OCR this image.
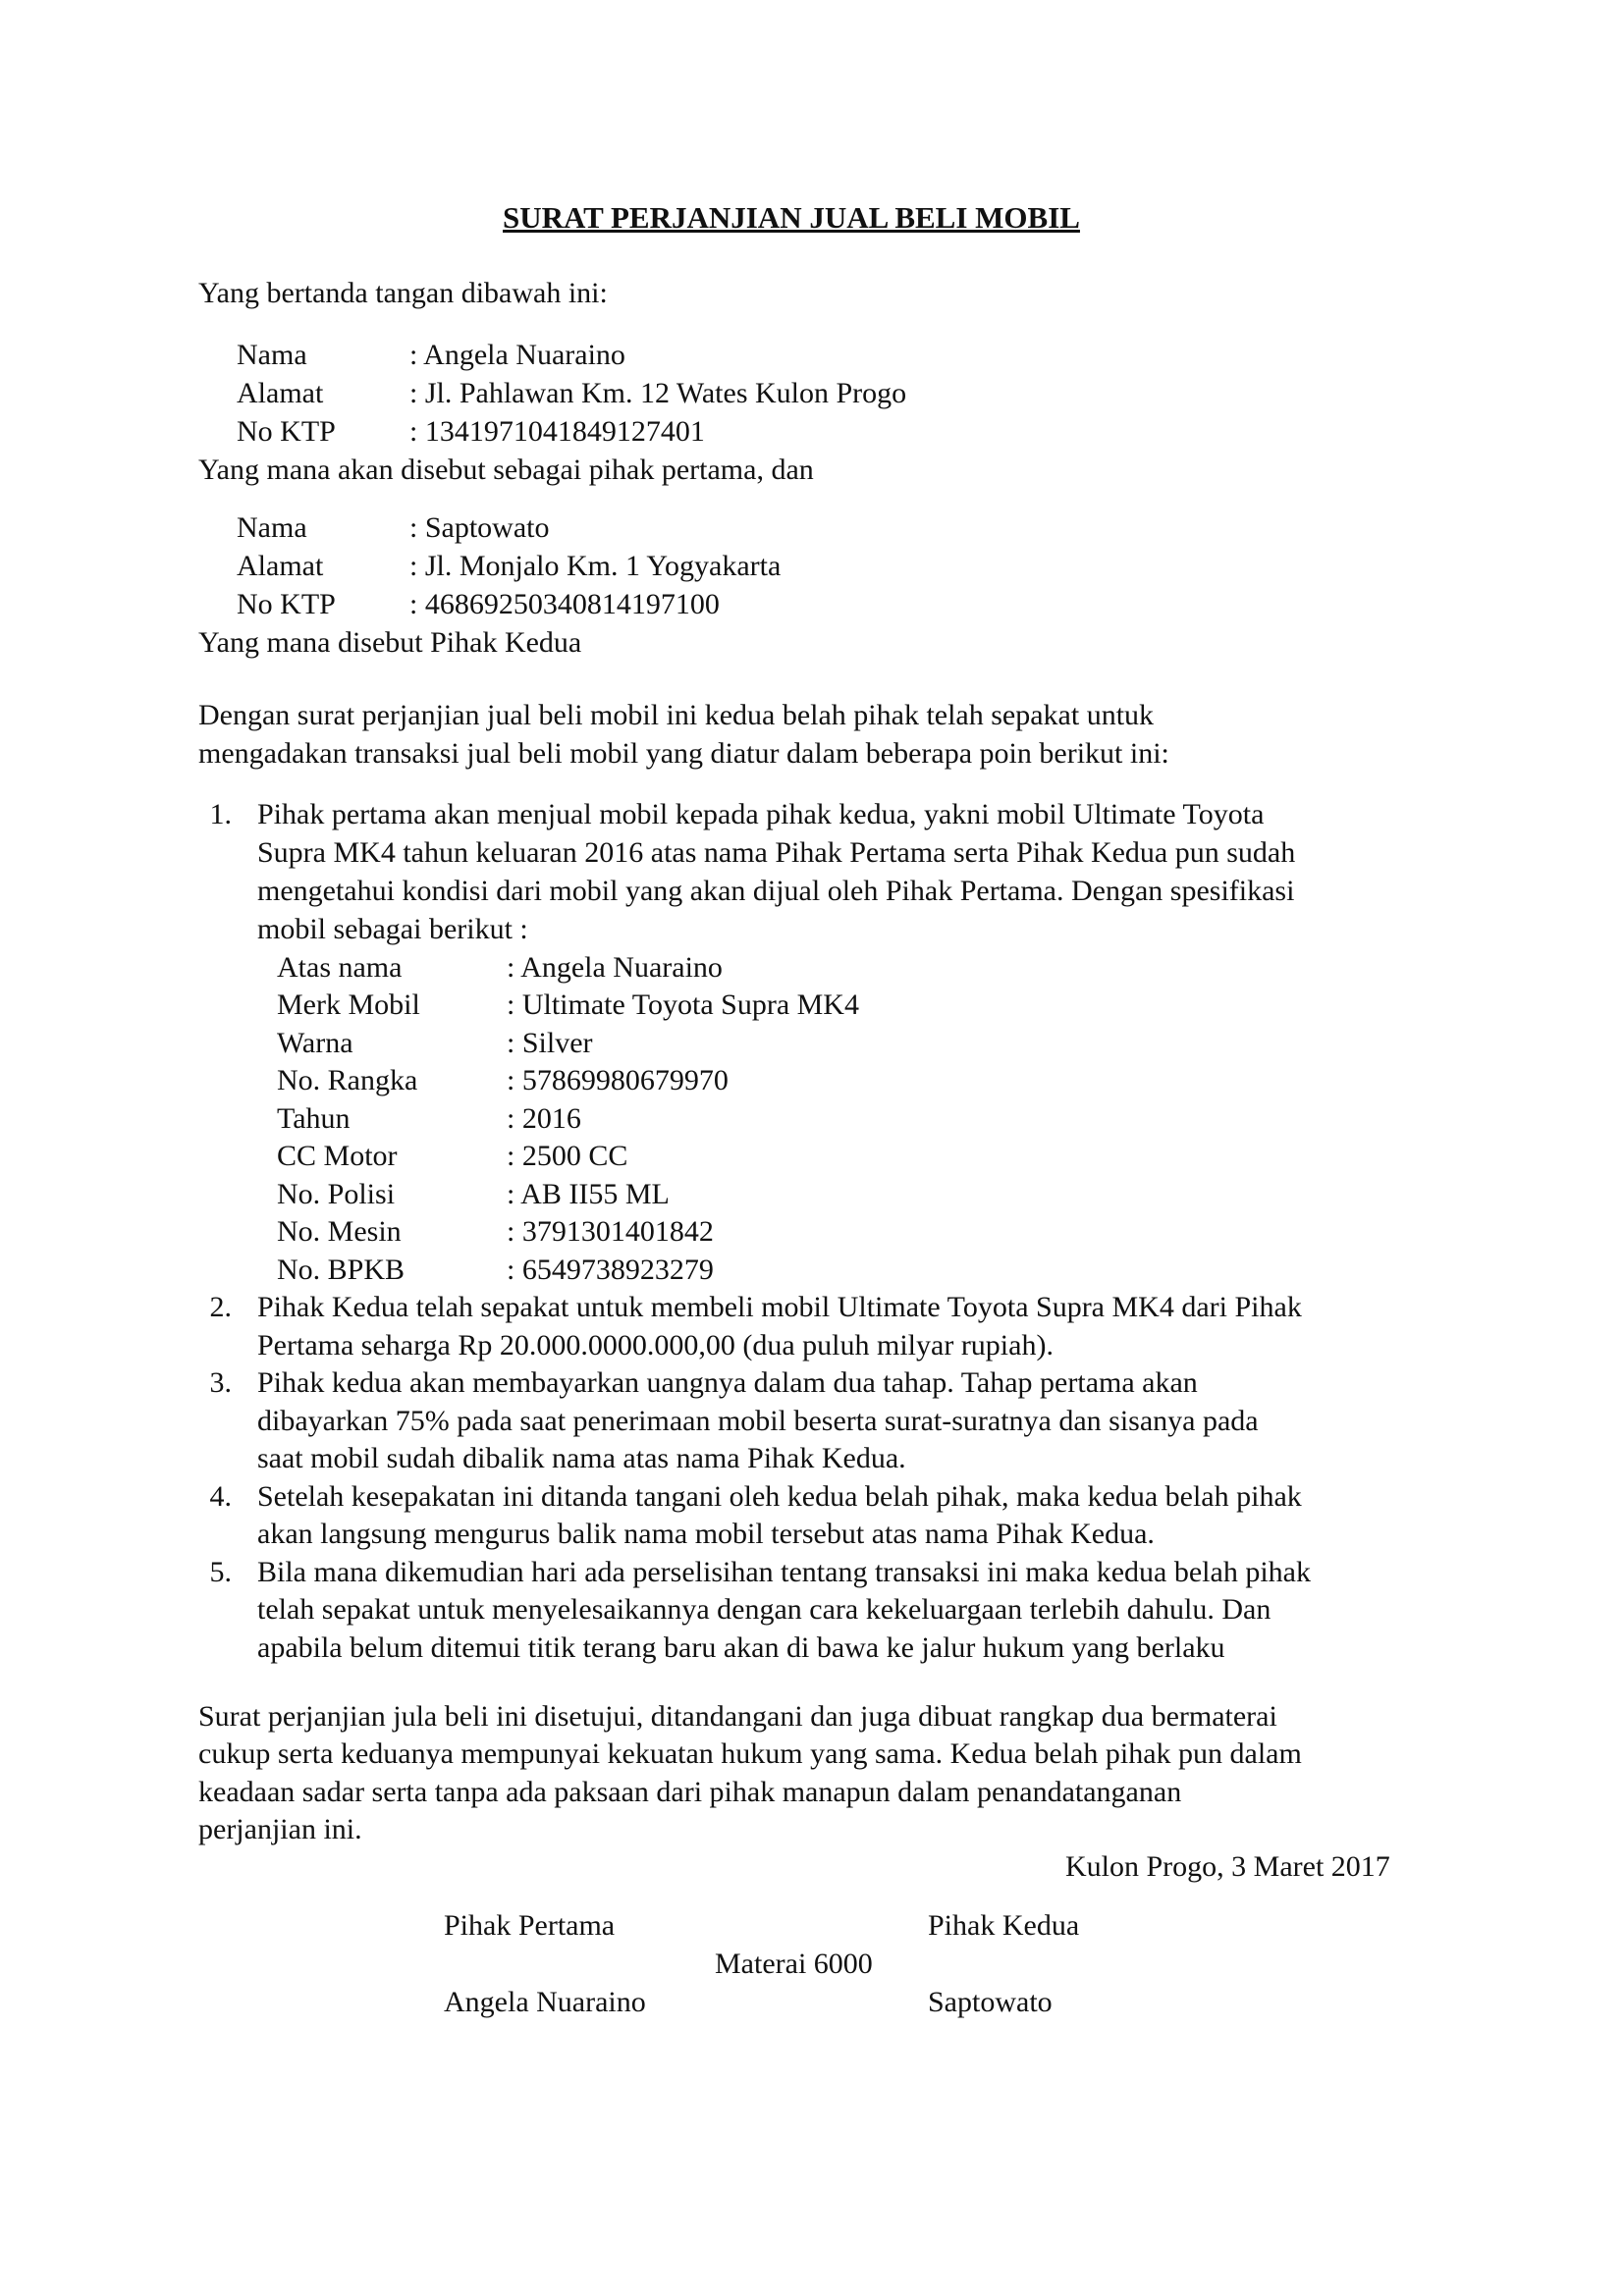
SURAT PERJANJIAN JUAL BELI MOBIL
Yang bertanda tangan dibawah ini:
Nama	: Angela Nuaraino
Alamat	: Jl. Pahlawan Km. 12 Wates Kulon Progo
No KTP	: 1341971041849127401
Yang mana akan disebut sebagai pihak pertama, dan
Nama	: Saptowato
Alamat	: Jl. Monjalo Km. 1 Yogyakarta
No KTP	: 46869250340814197100
Yang mana disebut Pihak Kedua
Dengan surat perjanjian jual beli mobil ini kedua belah pihak telah sepakat untuk
mengadakan transaksi jual beli mobil yang diatur dalam beberapa poin berikut ini:
1. Pihak pertama akan menjual mobil kepada pihak kedua, yakni mobil Ultimate Toyota
Supra MK4 tahun keluaran 2016 atas nama Pihak Pertama serta Pihak Kedua pun sudah
mengetahui kondisi dari mobil yang akan dijual oleh Pihak Pertama. Dengan spesifikasi
mobil sebagai berikut :
Atas nama	: Angela Nuaraino
Merk Mobil	: Ultimate Toyota Supra MK4
Warna	: Silver
No. Rangka	: 57869980679970
Tahun	: 2016
CC Motor	: 2500 CC
No. Polisi	: AB II55 ML
No. Mesin	: 3791301401842
No. BPKB	: 6549738923279
2. Pihak Kedua telah sepakat untuk membeli mobil Ultimate Toyota Supra MK4 dari Pihak
Pertama seharga Rp 20.000.0000.000,00 (dua puluh milyar rupiah).
3. Pihak kedua akan membayarkan uangnya dalam dua tahap. Tahap pertama akan
dibayarkan 75% pada saat penerimaan mobil beserta surat-suratnya dan sisanya pada
saat mobil sudah dibalik nama atas nama Pihak Kedua.
4. Setelah kesepakatan ini ditanda tangani oleh kedua belah pihak, maka kedua belah pihak
akan langsung mengurus balik nama mobil tersebut atas nama Pihak Kedua.
5. Bila mana dikemudian hari ada perselisihan tentang transaksi ini maka kedua belah pihak
telah sepakat untuk menyelesaikannya dengan cara kekeluargaan terlebih dahulu. Dan
apabila belum ditemui titik terang baru akan di bawa ke jalur hukum yang berlaku
Surat perjanjian jula beli ini disetujui, ditandangani dan juga dibuat rangkap dua bermaterai
cukup serta keduanya mempunyai kekuatan hukum yang sama. Kedua belah pihak pun dalam
keadaan sadar serta tanpa ada paksaan dari pihak manapun dalam penandatanganan
perjanjian ini.
Kulon Progo, 3 Maret 2017
Pihak Pertama	Pihak Kedua
Materai 6000
Angela Nuaraino	Saptowato
